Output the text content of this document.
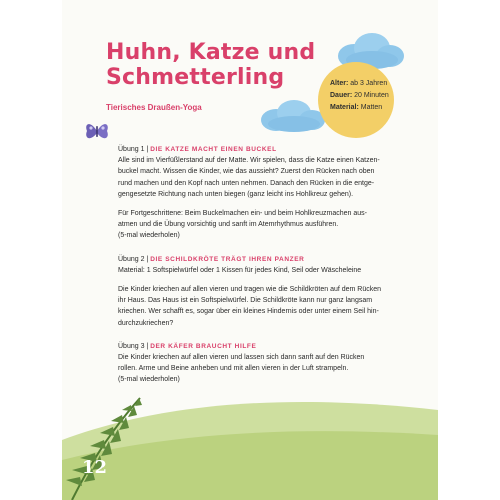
Alter: ab 3 Jahren
Dauer: 20 Minuten
Material: Matten
Huhn, Katze und
Schmetterling
Tierisches Draußen-Yoga

Übung 1 | DIE KATZE MACHT EINEN BUCKEL

Alle sind im Vierfüßlerstand auf der Matte. Wir spielen, dass die Katze einen Katzen-

buckel macht. Wissen die Kinder, wie das aussieht? Zuerst den Rücken nach oben

rund machen und den Kopf nach unten nehmen. Danach den Rücken in die entge-

gengesetzte Richtung nach unten biegen (ganz leicht ins Hohlkreuz gehen).

Für Fortgeschrittene: Beim Buckelmachen ein- und beim Hohlkreuzmachen aus-

atmen und die Übung vorsichtig und sanft im Atemrhythmus ausführen.

(5-mal wiederholen)

Übung 2 | DIE SCHILDKRÖTE TRÄGT IHREN PANZER

Material: 1 Softspielwürfel oder 1 Kissen für jedes Kind, Seil oder Wäscheleine

Die Kinder kriechen auf allen vieren und tragen wie die Schildkröten auf dem Rücken

ihr Haus. Das Haus ist ein Softspielwürfel. Die Schildkröte kann nur ganz langsam

kriechen. Wer schafft es, sogar über ein kleines Hindernis oder unter einem Seil hin-

durchzukriechen?

Übung 3 | DER KÄFER BRAUCHT HILFE

Die Kinder kriechen auf allen vieren und lassen sich dann sanft auf den Rücken

rollen. Arme und Beine anheben und mit allen vieren in der Luft strampeln.

(5-mal wiederholen)

12
